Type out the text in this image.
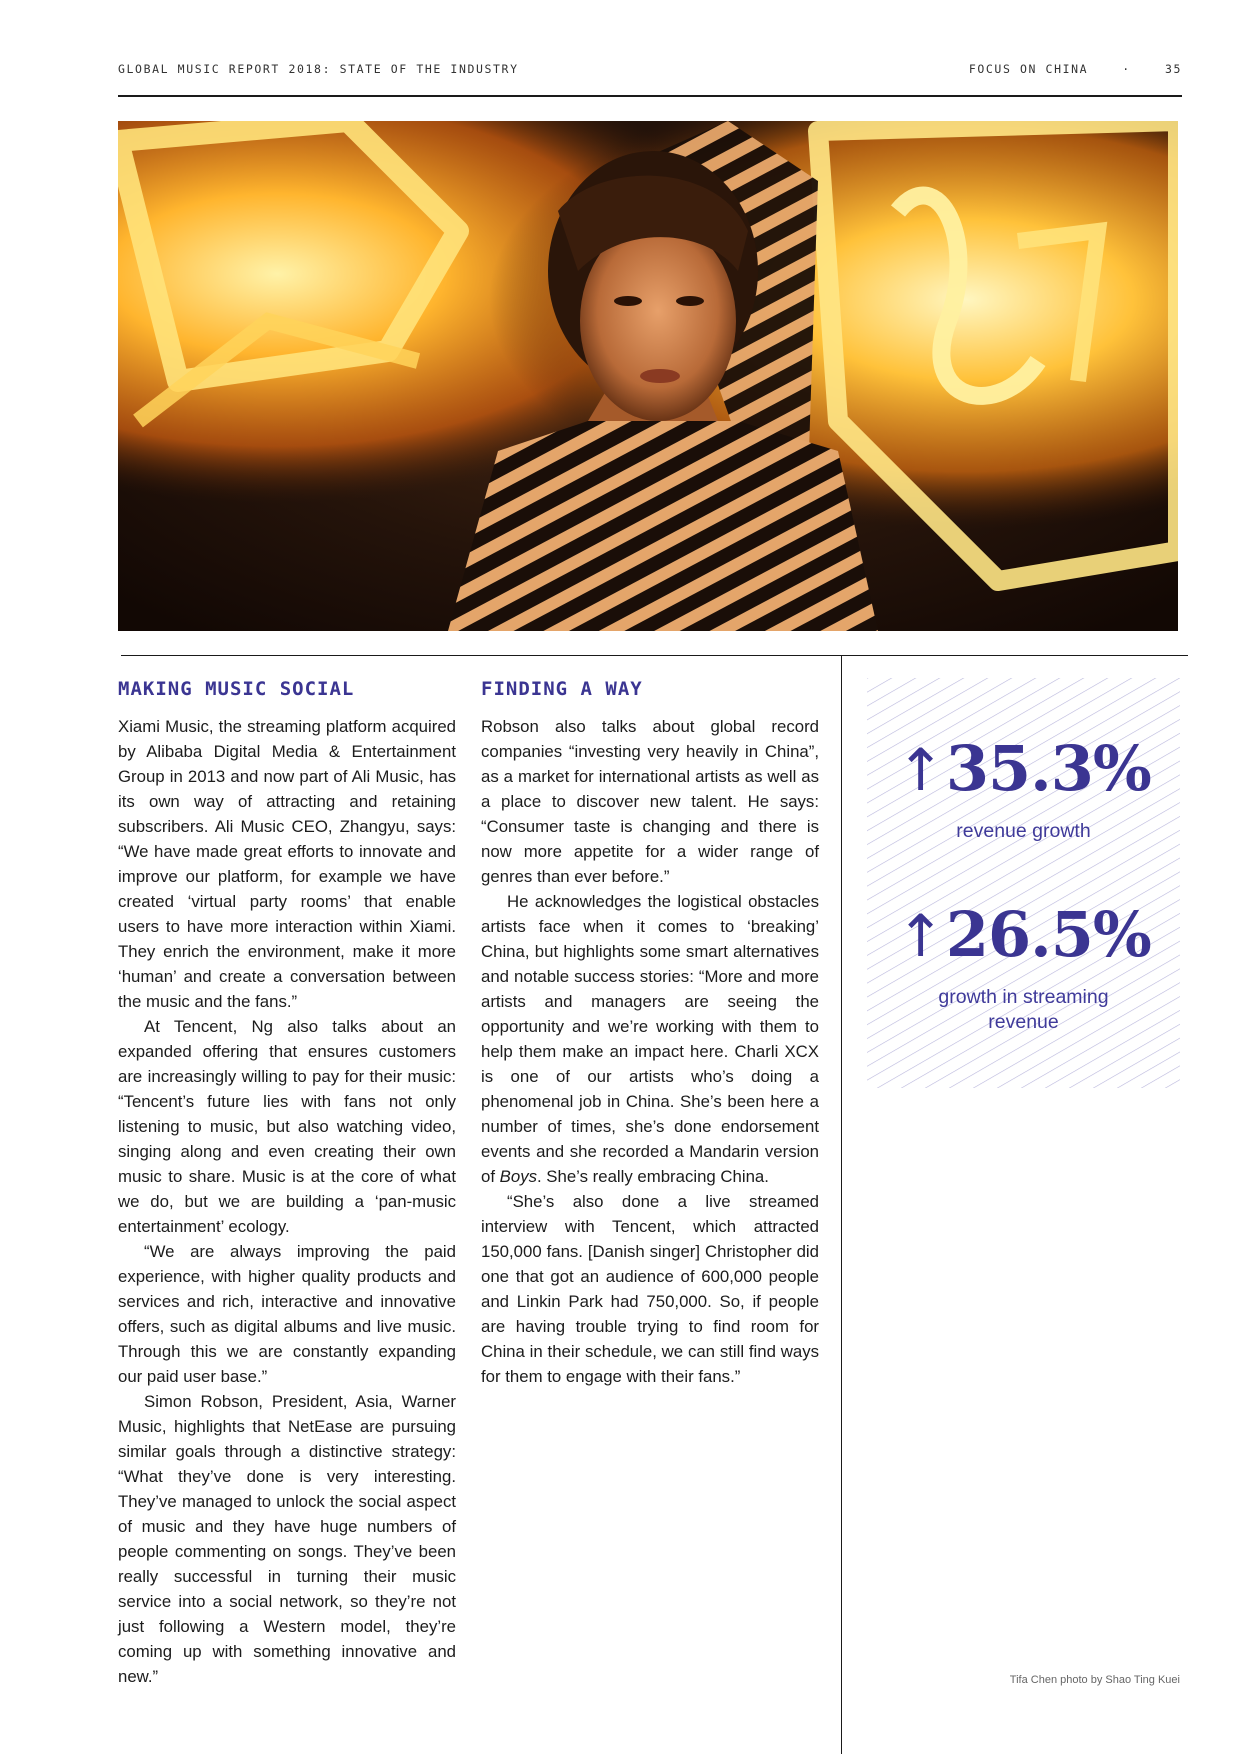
GLOBAL MUSIC REPORT 2018: STATE OF THE INDUSTRY	FOCUS ON CHINA	·	35
MAKING MUSIC SOCIAL

Xiami Music, the streaming platform acquired by Alibaba Digital Media & Entertainment Group in 2013 and now part of Ali Music, has its own way of attracting and retaining subscribers. Ali Music CEO, Zhangyu, says: “We have made great efforts to innovate and improve our platform, for example we have created ‘virtual party rooms’ that enable users to have more interaction within Xiami. They enrich the environment, make it more ‘human’ and create a conversation between the music and the fans.”

At Tencent, Ng also talks about an expanded offering that ensures customers are increasingly willing to pay for their music: “Tencent’s future lies with fans not only listening to music, but also watching video, singing along and even creating their own music to share. Music is at the core of what we do, but we are building a ‘pan-music entertainment’ ecology.

“We are always improving the paid experience, with higher quality products and services and rich, interactive and innovative offers, such as digital albums and live music. Through this we are constantly expanding our paid user base.”

Simon Robson, President, Asia, Warner Music, highlights that NetEase are pursuing similar goals through a distinctive strategy: “What they’ve done is very interesting. They’ve managed to unlock the social aspect of music and they have huge numbers of people commenting on songs. They’ve been really successful in turning their music service into a social network, so they’re not just following a Western model, they’re coming up with something innovative and new.”

FINDING A WAY

Robson also talks about global record companies “investing very heavily in China”, as a market for international artists as well as a place to discover new talent. He says: “Consumer taste is changing and there is now more appetite for a wider range of genres than ever before.”

He acknowledges the logistical obstacles artists face when it comes to ‘breaking’ China, but highlights some smart alternatives and notable success stories: “More and more artists and managers are seeing the opportunity and we’re working with them to help them make an impact here. Charli XCX is one of our artists who’s doing a phenomenal job in China. She’s been here a number of times, she’s done endorsement events and she recorded a Mandarin version of Boys. She’s really embracing China.

“She’s also done a live streamed interview with Tencent, which attracted 150,000 fans. [Danish singer] Christopher did one that got an audience of 600,000 people and Linkin Park had 750,000. So, if people are having trouble trying to find room for China in their schedule, we can still find ways for them to engage with their fans.”

↑35.3%
revenue growth
↑26.5%
growth in streaming revenue
Tifa Chen photo by Shao Ting Kuei
